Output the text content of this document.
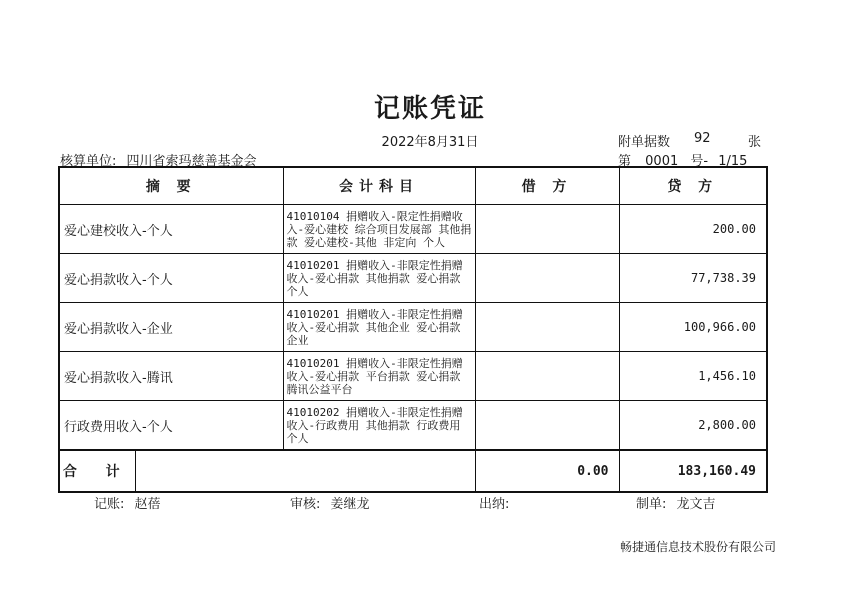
记账凭证
2022年8月31日	附单据数 92	张
核算单位: 四川省索玛慈善基金会	第 0001 号- 1/15
摘 要		会计科目	借 方	贷 方
爱心建校收入-个人		41010104 捐赠收入-限定性捐赠收入-爱心建校 综合项目发展部 其他捐款 爱心建校-其他 非定向 个人		200.00
爱心捐款收入-个人		41010201 捐赠收入-非限定性捐赠收入-爱心捐款 其他捐款 爱心捐款 个人		77,738.39
爱心捐款收入-企业		41010201 捐赠收入-非限定性捐赠收入-爱心捐款 其他企业 爱心捐款 企业		100,966.00
爱心捐款收入-腾讯		41010201 捐赠收入-非限定性捐赠收入-爱心捐款 平台捐款 爱心捐款 腾讯公益平台		1,456.10
行政费用收入-个人		41010202 捐赠收入-非限定性捐赠收入-行政费用 其他捐款 行政费用 个人		2,800.00
合 计			0.00	183,160.49
记账: 赵蓓	审核: 姜继龙	出纳:	制单: 龙文吉
畅捷通信息技术股份有限公司
